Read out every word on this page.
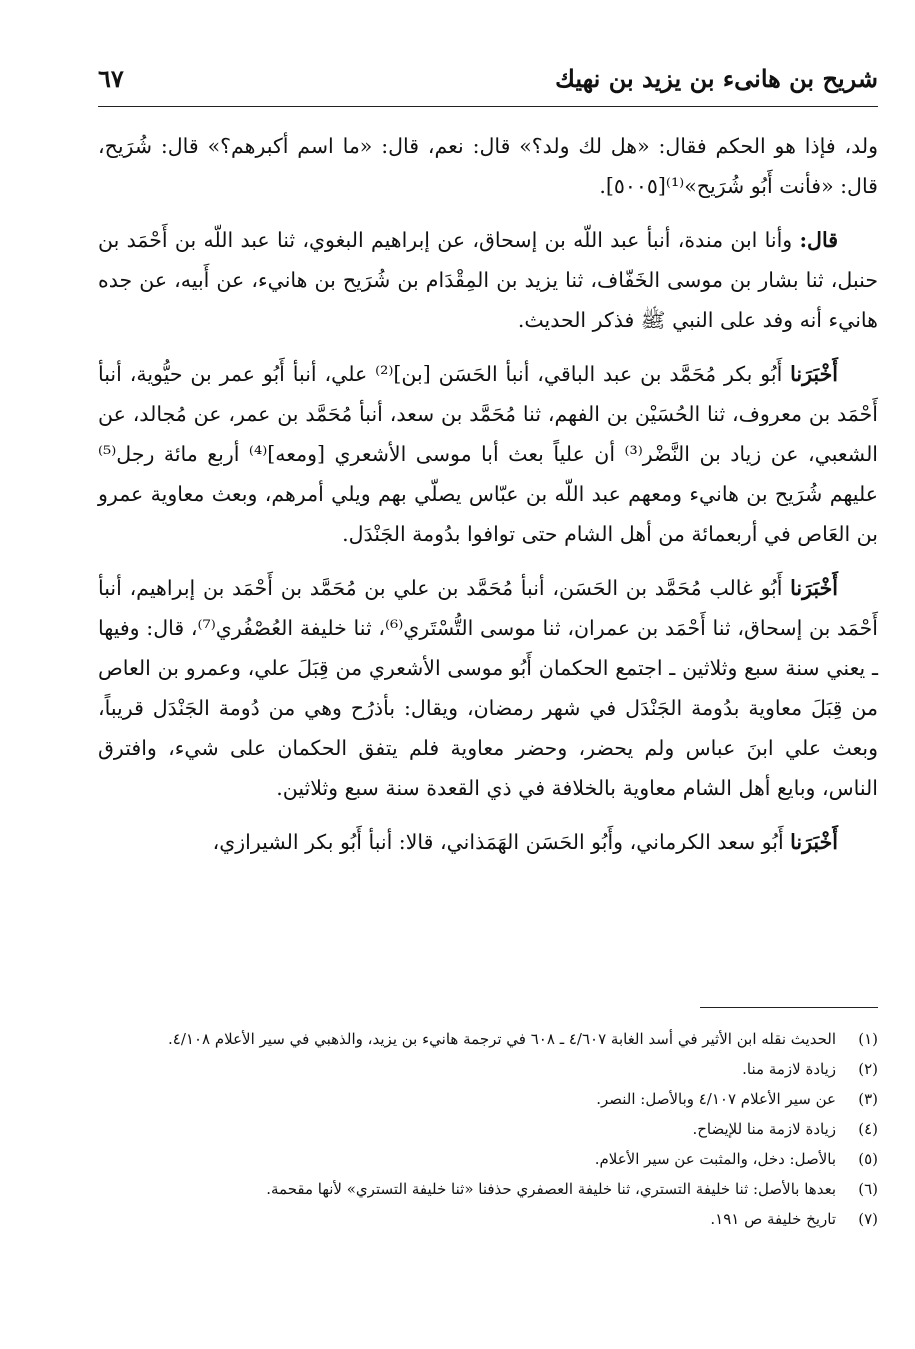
شريح بن هانىء بن يزيد بن نهيك
٦٧

ولد، فإذا هو الحكم فقال: «هل لك ولد؟» قال: نعم، قال: «ما اسم أكبرهم؟» قال: شُرَيح، قال: «فأنت أَبُو شُرَيح»⁽¹⁾[٥٠٠٥].

قال: وأنا ابن مندة، أنبأ عبد اللّه بن إسحاق، عن إبراهيم البغوي، ثنا عبد اللّه بن أَحْمَد بن حنبل، ثنا بشار بن موسى الخَفّاف، ثنا يزيد بن المِقْدَام بن شُرَيح بن هانيء، عن أَبيه، عن جده هانيء أنه وفد على النبي ﷺ فذكر الحديث.

أَخْبَرَنا أَبُو بكر مُحَمَّد بن عبد الباقي، أنبأ الحَسَن [بن]⁽²⁾ علي، أنبأ أَبُو عمر بن حيُّوية، أنبأ أَحْمَد بن معروف، ثنا الحُسَيْن بن الفهم، ثنا مُحَمَّد بن سعد، أنبأ مُحَمَّد بن عمر، عن مُجالد، عن الشعبي، عن زياد بن النَّضْر⁽³⁾ أن علياً بعث أبا موسى الأشعري [ومعه]⁽⁴⁾ أربع مائة رجل⁽⁵⁾ عليهم شُرَيح بن هانيء ومعهم عبد اللّه بن عبّاس يصلّي بهم ويلي أمرهم، وبعث معاوية عمرو بن العَاص في أربعمائة من أهل الشام حتى توافوا بدُومة الجَنْدَل.

أَخْبَرَنا أَبُو غالب مُحَمَّد بن الحَسَن، أنبأ مُحَمَّد بن علي بن مُحَمَّد بن أَحْمَد بن إبراهيم، أنبأ أَحْمَد بن إسحاق، ثنا أَحْمَد بن عمران، ثنا موسى التُّسْتَري⁽⁶⁾، ثنا خليفة العُصْفُري⁽⁷⁾، قال: وفيها ـ يعني سنة سبع وثلاثين ـ اجتمع الحكمان أَبُو موسى الأشعري من قِبَلَ علي، وعمرو بن العاص من قِبَلَ معاوية بدُومة الجَنْدَل في شهر رمضان، ويقال: بأذرُح وهي من دُومة الجَنْدَل قريباً، وبعث علي ابنَ عباس ولم يحضر، وحضر معاوية فلم يتفق الحكمان على شيء، وافترق الناس، وبايع أهل الشام معاوية بالخلافة في ذي القعدة سنة سبع وثلاثين.

أَخْبَرَنا أَبُو سعد الكرماني، وأَبُو الحَسَن الهَمَذاني، قالا: أنبأ أَبُو بكر الشيرازي،

(١)
الحديث نقله ابن الأثير في أسد الغابة ٤/٦٠٧ ـ ٦٠٨ في ترجمة هانيء بن يزيد، والذهبي في سير الأعلام ٤/١٠٨.
(٢)
زيادة لازمة منا.
(٣)
عن سير الأعلام ٤/١٠٧ وبالأصل: النصر.
(٤)
زيادة لازمة منا للإيضاح.
(٥)
بالأصل: دخل، والمثبت عن سير الأعلام.
(٦)
بعدها بالأصل: ثنا خليفة التستري، ثنا خليفة العصفري حذفنا «ثنا خليفة التستري» لأنها مقحمة.
(٧)
تاريخ خليفة ص ١٩١.
